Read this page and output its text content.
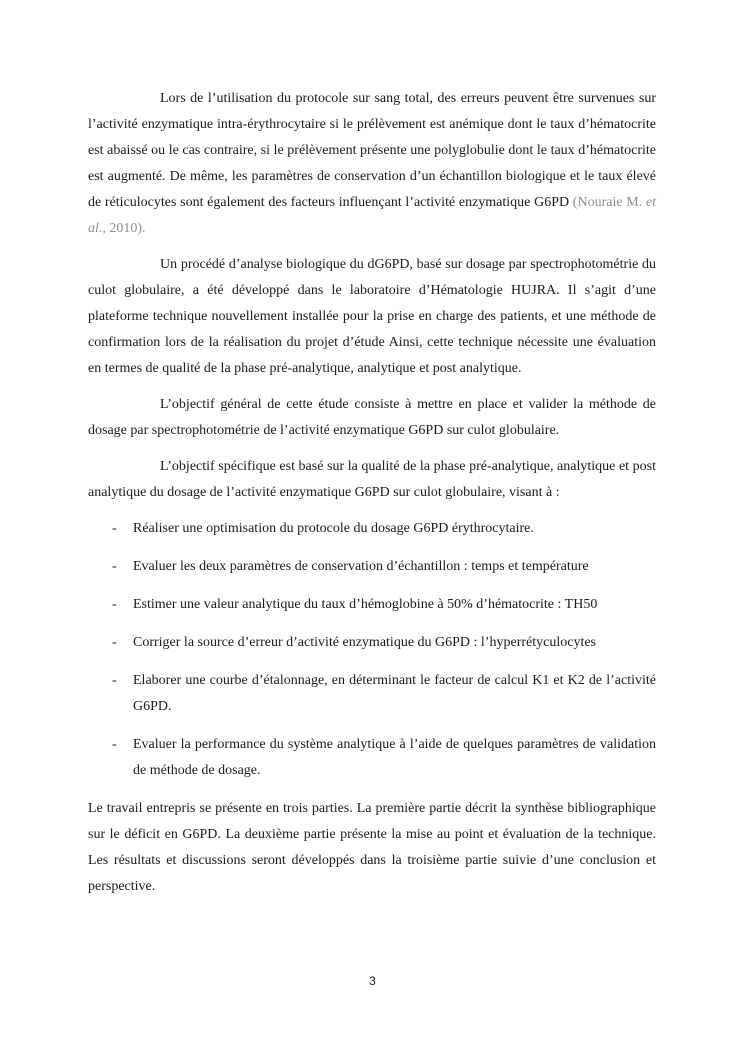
Lors de l’utilisation du protocole sur sang total, des erreurs peuvent être survenues sur l’activité enzymatique intra-érythrocytaire si le prélèvement est anémique dont le taux d’hématocrite est abaissé ou le cas contraire, si le prélèvement présente une polyglobulie dont le taux d’hématocrite est augmenté. De même, les paramètres de conservation d’un échantillon biologique et le taux élevé de réticulocytes sont également des facteurs influençant l’activité enzymatique G6PD (Nouraie M. et al., 2010).

Un procédé d’analyse biologique du dG6PD, basé sur dosage par spectrophotométrie du culot globulaire, a été développé dans le laboratoire d’Hématologie HUJRA. Il s’agit d’une plateforme technique nouvellement installée pour la prise en charge des patients, et une méthode de confirmation lors de la réalisation du projet d’étude Ainsi, cette technique nécessite une évaluation en termes de qualité de la phase pré-analytique, analytique et post analytique.

L’objectif général de cette étude consiste à mettre en place et valider la méthode de dosage par spectrophotométrie de l’activité enzymatique G6PD sur culot globulaire.

L’objectif spécifique est basé sur la qualité de la phase pré-analytique, analytique et post analytique du dosage de l’activité enzymatique G6PD sur culot globulaire, visant à :

- Réaliser une optimisation du protocole du dosage G6PD érythrocytaire.
- Evaluer les deux paramètres de conservation d’échantillon : temps et température
- Estimer une valeur analytique du taux d’hémoglobine à 50% d’hématocrite : TH50
- Corriger la source d’erreur d’activité enzymatique du G6PD : l’hyperrétyculocytes
- Elaborer une courbe d’étalonnage, en déterminant le facteur de calcul K1 et K2 de l’activité G6PD.
- Evaluer la performance du système analytique à l’aide de quelques paramètres de validation de méthode de dosage.

Le travail entrepris se présente en trois parties. La première partie décrit la synthèse bibliographique sur le déficit en G6PD. La deuxième partie présente la mise au point et évaluation de la technique. Les résultats et discussions seront développés dans la troisième partie suivie d’une conclusion et perspective.

3
